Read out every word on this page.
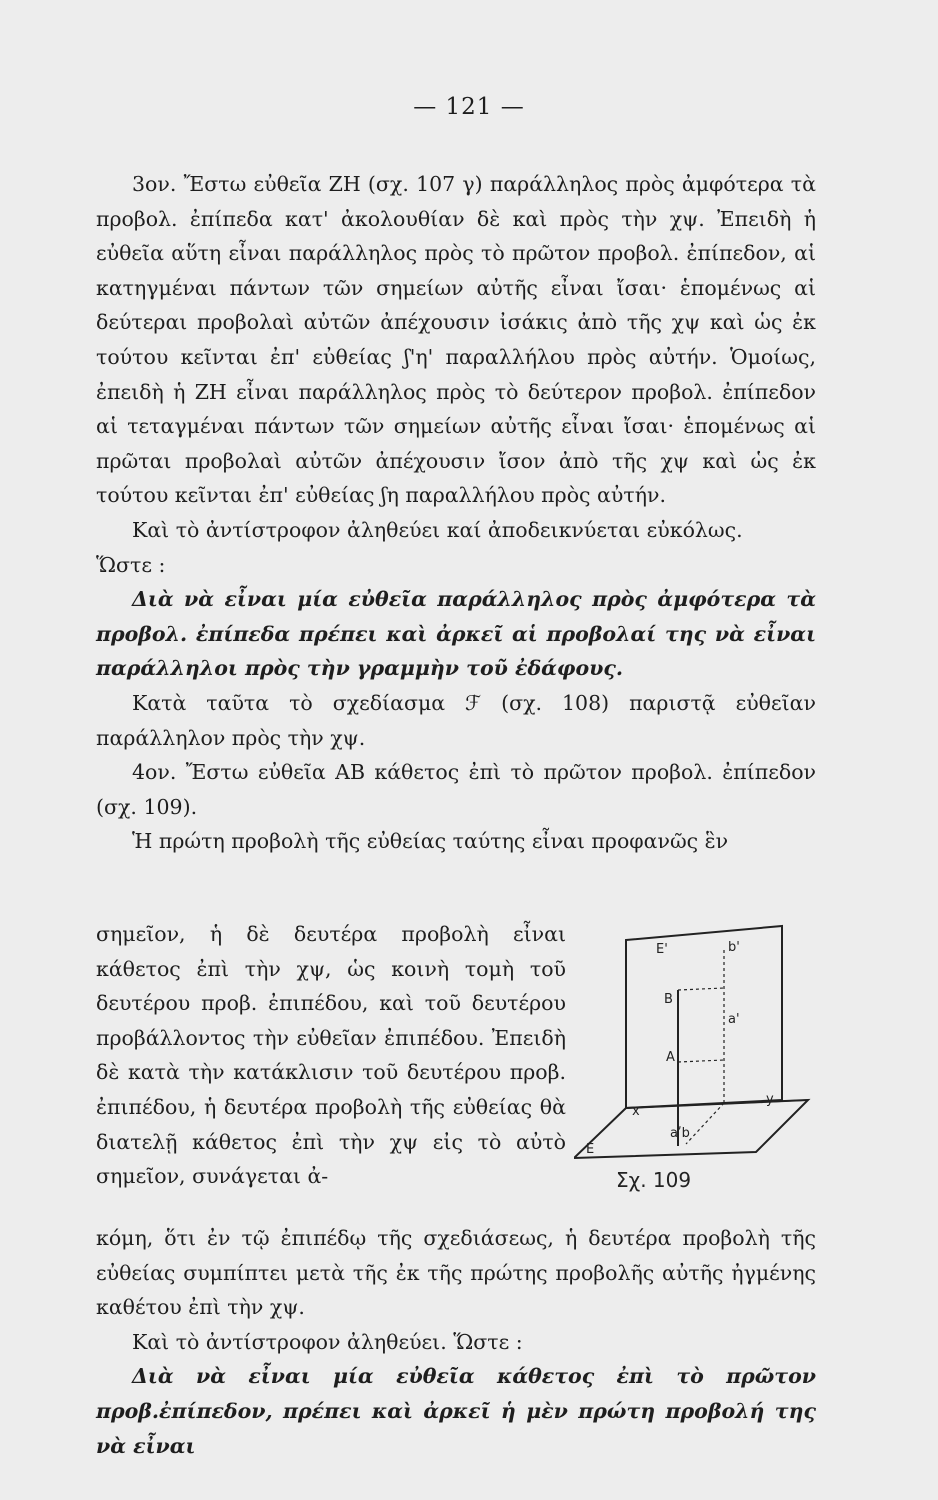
— 121 —

3ον. Ἔστω εὐθεῖα ΖΗ (σχ. 107 γ) παράλληλος πρὸς ἀμφότερα τὰ προβολ. ἐπίπεδα κατ' ἀκολουθίαν δὲ καὶ πρὸς τὴν χψ. Ἐπειδὴ ἡ εὐθεῖα αὕτη εἶναι παράλληλος πρὸς τὸ πρῶτον προβολ. ἐπίπεδον, αἱ κατηγμέναι πάντων τῶν σημείων αὐτῆς εἶναι ἴσαι· ἑπομένως αἱ δεύτεραι προβολαὶ αὐτῶν ἀπέχουσιν ἰσάκις ἀπὸ τῆς χψ καὶ ὡς ἐκ τούτου κεῖνται ἐπ' εὐθείας ʃ'η' παραλλήλου πρὸς αὐτήν. Ὁμοίως, ἐπειδὴ ἡ ΖΗ εἶναι παράλληλος πρὸς τὸ δεύτερον προβολ. ἐπίπεδον αἱ τεταγμέναι πάντων τῶν σημείων αὐτῆς εἶναι ἴσαι· ἑπομένως αἱ πρῶται προβολαὶ αὐτῶν ἀπέχουσιν ἴσον ἀπὸ τῆς χψ καὶ ὡς ἐκ τούτου κεῖνται ἐπ' εὐθείας ʃη παραλλήλου πρὸς αὐτήν.

Καὶ τὸ ἀντίστροφον ἀληθεύει καί ἀποδεικνύεται εὐκόλως.

Ὥστε :

Διὰ νὰ εἶναι μία εὐθεῖα παράλληλος πρὸς ἀμφότερα τὰ προβολ. ἐπίπεδα πρέπει καὶ ἀρκεῖ αἱ προβολαί της νὰ εἶναι παράλληλοι πρὸς τὴν γραμμὴν τοῦ ἐδάφους.

Κατὰ ταῦτα τὸ σχεδίασμα ℱ (σχ. 108) παριστᾷ εὐθεῖαν παράλληλον πρὸς τὴν χψ.

4ον. Ἔστω εὐθεῖα ΑΒ κάθετος ἐπὶ τὸ πρῶτον προβολ. ἐπίπεδον (σχ. 109).

Ἡ πρώτη προβολὴ τῆς εὐθείας ταύτης εἶναι προφανῶς ἓν

σημεῖον, ἡ δὲ δευτέρα προβολὴ εἶναι κάθετος ἐπὶ τὴν χψ, ὡς κοινὴ τομὴ τοῦ δευτέρου προβ. ἐπιπέδου, καὶ τοῦ δευτέρου προβάλλοντος τὴν εὐθεῖαν ἐπιπέδου. Ἐπειδὴ δὲ κατὰ τὴν κατάκλισιν τοῦ δευτέρου προβ. ἐπιπέδου, ἡ δευτέρα προβολὴ τῆς εὐθείας θὰ διατελῇ κάθετος ἐπὶ τὴν χψ εἰς τὸ αὐτὸ σημεῖον, συνάγεται ἀ-

E'	b'
B
a'
A
x
y
aʹb
E
Σχ. 109

κόμη, ὅτι ἐν τῷ ἐπιπέδῳ τῆς σχεδιάσεως, ἡ δευτέρα προβολὴ τῆς εὐθείας συμπίπτει μετὰ τῆς ἐκ τῆς πρώτης προβολῆς αὐτῆς ἠγμένης καθέτου ἐπὶ τὴν χψ.

Καὶ τὸ ἀντίστροφον ἀληθεύει. Ὥστε :

Διὰ νὰ εἶναι μία εὐθεῖα κάθετος ἐπὶ τὸ πρῶτον προβ.ἐπίπεδον, πρέπει καὶ ἀρκεῖ ἡ μὲν πρώτη προβολή της νὰ εἶναι
